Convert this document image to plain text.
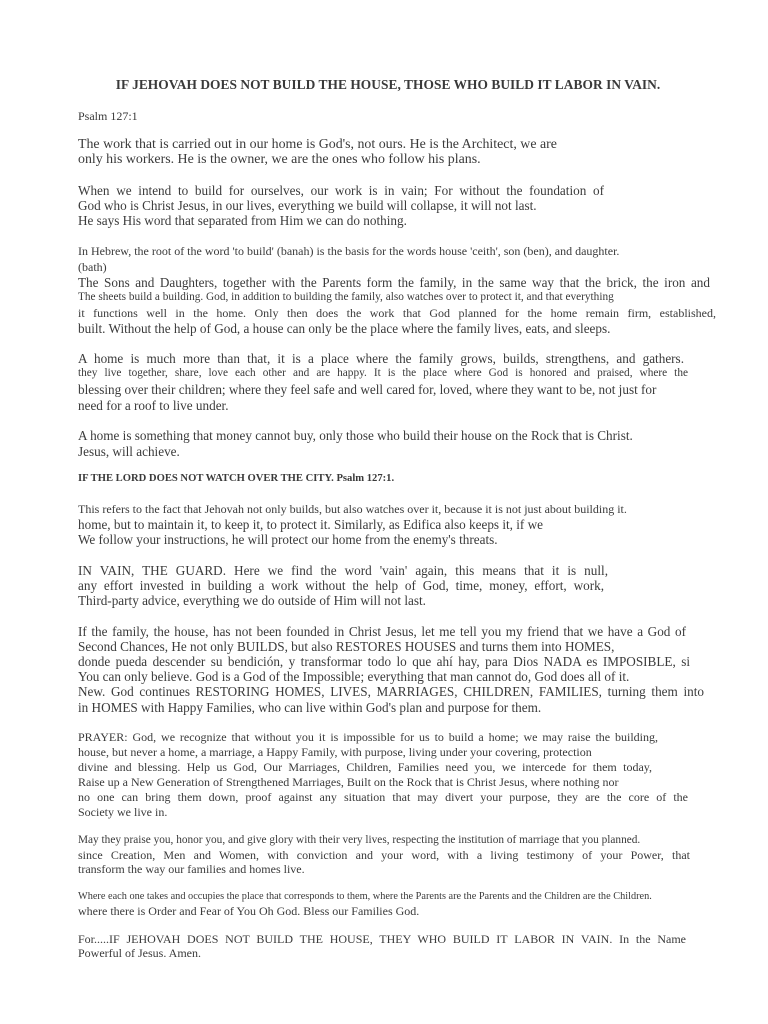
IF JEHOVAH DOES NOT BUILD THE HOUSE, THOSE WHO BUILD IT LABOR IN VAIN.

Psalm 127:1

The work that is carried out in our home is God's, not ours. He is the Architect, we are

only his workers. He is the owner, we are the ones who follow his plans.

When we intend to build for ourselves, our work is in vain; For without the foundation of

God who is Christ Jesus, in our lives, everything we build will collapse, it will not last.

He says His word that separated from Him we can do nothing.

In Hebrew, the root of the word 'to build' (banah) is the basis for the words house 'ceith', son (ben), and daughter.

(bath)

The Sons and Daughters, together with the Parents form the family, in the same way that the brick, the iron and

The sheets build a building. God, in addition to building the family, also watches over to protect it, and that everything

it functions well in the home. Only then does the work that God planned for the home remain firm, established,

built. Without the help of God, a house can only be the place where the family lives, eats, and sleeps.

A home is much more than that, it is a place where the family grows, builds, strengthens, and gathers.

they live together, share, love each other and are happy. It is the place where God is honored and praised, where the

blessing over their children; where they feel safe and well cared for, loved, where they want to be, not just for

need for a roof to live under.

A home is something that money cannot buy, only those who build their house on the Rock that is Christ.

Jesus, will achieve.

IF THE LORD DOES NOT WATCH OVER THE CITY. Psalm 127:1.

This refers to the fact that Jehovah not only builds, but also watches over it, because it is not just about building it.

home, but to maintain it, to keep it, to protect it. Similarly, as Edifica also keeps it, if we

We follow your instructions, he will protect our home from the enemy's threats.

IN VAIN, THE GUARD. Here we find the word 'vain' again, this means that it is null,

any effort invested in building a work without the help of God, time, money, effort, work,

Third-party advice, everything we do outside of Him will not last.

If the family, the house, has not been founded in Christ Jesus, let me tell you my friend that we have a God of

Second Chances, He not only BUILDS, but also RESTORES HOUSES and turns them into HOMES,

donde pueda descender su bendición, y transformar todo lo que ahí hay, para Dios NADA es IMPOSIBLE, si

You can only believe. God is a God of the Impossible; everything that man cannot do, God does all of it.

New. God continues RESTORING HOMES, LIVES, MARRIAGES, CHILDREN, FAMILIES, turning them into

in HOMES with Happy Families, who can live within God's plan and purpose for them.

PRAYER: God, we recognize that without you it is impossible for us to build a home; we may raise the building,

house, but never a home, a marriage, a Happy Family, with purpose, living under your covering, protection

divine and blessing. Help us God, Our Marriages, Children, Families need you, we intercede for them today,

Raise up a New Generation of Strengthened Marriages, Built on the Rock that is Christ Jesus, where nothing nor

no one can bring them down, proof against any situation that may divert your purpose, they are the core of the

Society we live in.

May they praise you, honor you, and give glory with their very lives, respecting the institution of marriage that you planned.

since Creation, Men and Women, with conviction and your word, with a living testimony of your Power, that

transform the way our families and homes live.

Where each one takes and occupies the place that corresponds to them, where the Parents are the Parents and the Children are the Children.

where there is Order and Fear of You Oh God. Bless our Families God.

For.....IF JEHOVAH DOES NOT BUILD THE HOUSE, THEY WHO BUILD IT LABOR IN VAIN. In the Name

Powerful of Jesus. Amen.
